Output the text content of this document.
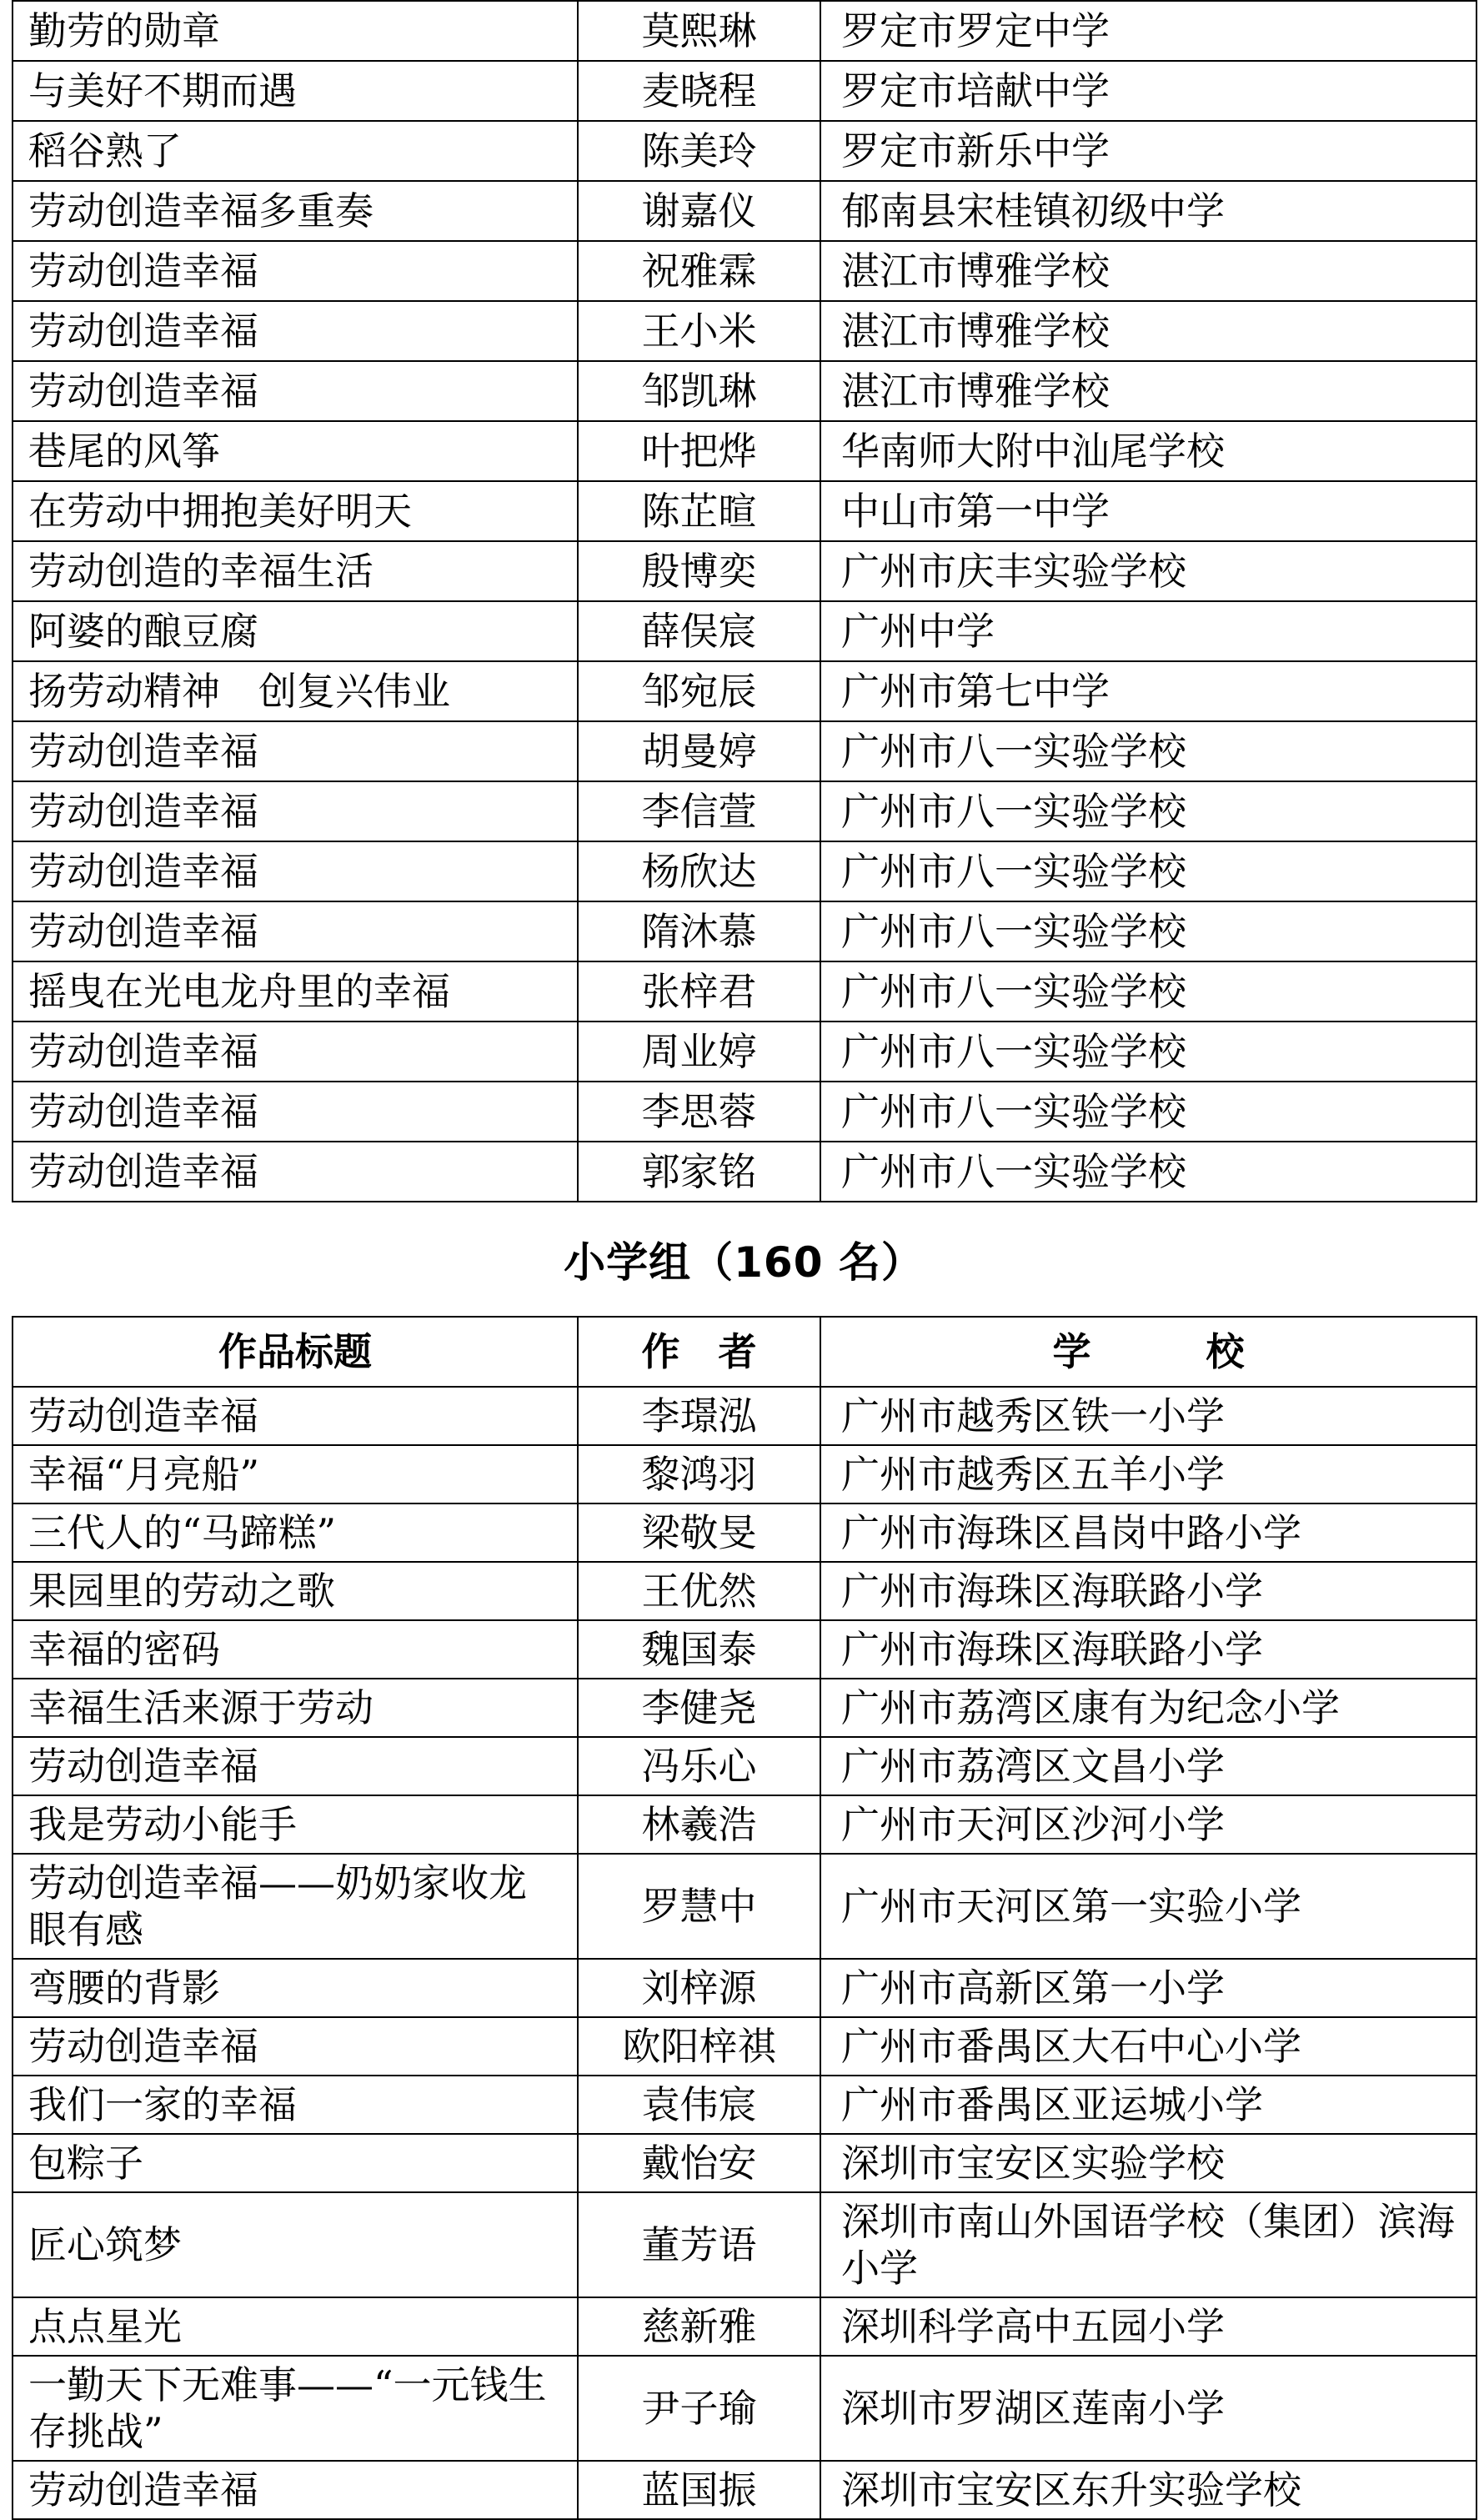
勤劳的勋章	莫熙琳	罗定市罗定中学
与美好不期而遇	麦晓程	罗定市培献中学
稻谷熟了	陈美玲	罗定市新乐中学
劳动创造幸福多重奏	谢嘉仪	郁南县宋桂镇初级中学
劳动创造幸福	祝雅霖	湛江市博雅学校
劳动创造幸福	王小米	湛江市博雅学校
劳动创造幸福	邹凯琳	湛江市博雅学校
巷尾的风筝	叶把烨	华南师大附中汕尾学校
在劳动中拥抱美好明天	陈芷暄	中山市第一中学
劳动创造的幸福生活	殷博奕	广州市庆丰实验学校
阿婆的酿豆腐	薛俣宸	广州中学
扬劳动精神　创复兴伟业	邹宛辰	广州市第七中学
劳动创造幸福	胡曼婷	广州市八一实验学校
劳动创造幸福	李信萱	广州市八一实验学校
劳动创造幸福	杨欣达	广州市八一实验学校
劳动创造幸福	隋沐慕	广州市八一实验学校
摇曳在光电龙舟里的幸福	张梓君	广州市八一实验学校
劳动创造幸福	周业婷	广州市八一实验学校
劳动创造幸福	李思蓉	广州市八一实验学校
劳动创造幸福	郭家铭	广州市八一实验学校
小学组（160 名）
作品标题	作　者	学　　　校
劳动创造幸福	李璟泓	广州市越秀区铁一小学
幸福“月亮船”	黎鸿羽	广州市越秀区五羊小学
三代人的“马蹄糕”	梁敬旻	广州市海珠区昌岗中路小学
果园里的劳动之歌	王优然	广州市海珠区海联路小学
幸福的密码	魏国泰	广州市海珠区海联路小学
幸福生活来源于劳动	李健尧	广州市荔湾区康有为纪念小学
劳动创造幸福	冯乐心	广州市荔湾区文昌小学
我是劳动小能手	林羲浩	广州市天河区沙河小学
劳动创造幸福——奶奶家收龙眼有感	罗慧中	广州市天河区第一实验小学
弯腰的背影	刘梓源	广州市高新区第一小学
劳动创造幸福	欧阳梓祺	广州市番禺区大石中心小学
我们一家的幸福	袁伟宸	广州市番禺区亚运城小学
包粽子	戴怡安	深圳市宝安区实验学校
匠心筑梦	董芳语	深圳市南山外国语学校（集团）滨海小学
点点星光	慈新雅	深圳科学高中五园小学
一勤天下无难事——“一元钱生存挑战”	尹子瑜	深圳市罗湖区莲南小学
劳动创造幸福	蓝国振	深圳市宝安区东升实验学校
